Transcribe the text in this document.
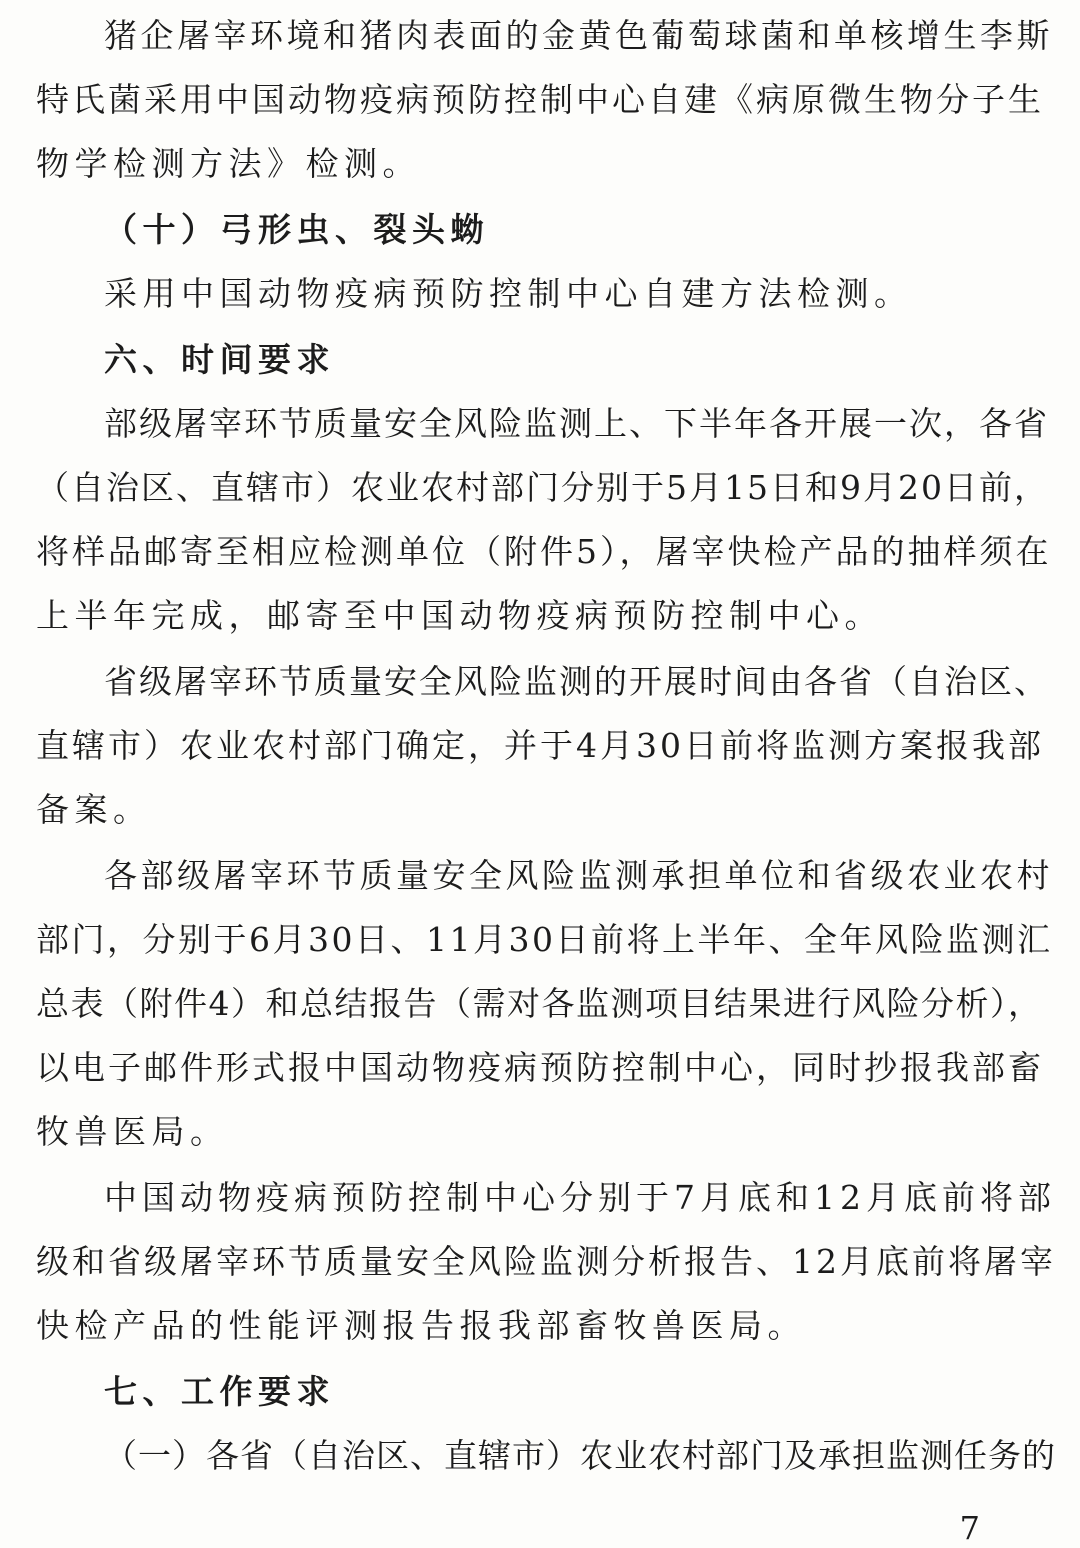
猪企屠宰环境和猪肉表面的金黄色葡萄球菌和单核增生李斯
特氏菌采用中国动物疫病预防控制中心自建《病原微生物分子生
物学检测方法》检测。
（十）弓形虫、裂头蚴
采用中国动物疫病预防控制中心自建方法检测。
六、时间要求
部级屠宰环节质量安全风险监测上、下半年各开展一次，各省
（自治区、直辖市）农业农村部门分别于5月15日和9月20日前，
将样品邮寄至相应检测单位（附件5），屠宰快检产品的抽样须在
上半年完成，邮寄至中国动物疫病预防控制中心。
省级屠宰环节质量安全风险监测的开展时间由各省（自治区、
直辖市）农业农村部门确定，并于4月30日前将监测方案报我部
备案。
各部级屠宰环节质量安全风险监测承担单位和省级农业农村
部门，分别于6月30日、11月30日前将上半年、全年风险监测汇
总表（附件4）和总结报告（需对各监测项目结果进行风险分析），
以电子邮件形式报中国动物疫病预防控制中心，同时抄报我部畜
牧兽医局。
中国动物疫病预防控制中心分别于7月底和12月底前将部
级和省级屠宰环节质量安全风险监测分析报告、12月底前将屠宰
快检产品的性能评测报告报我部畜牧兽医局。
七、工作要求
（一）各省（自治区、直辖市）农业农村部门及承担监测任务的
7
